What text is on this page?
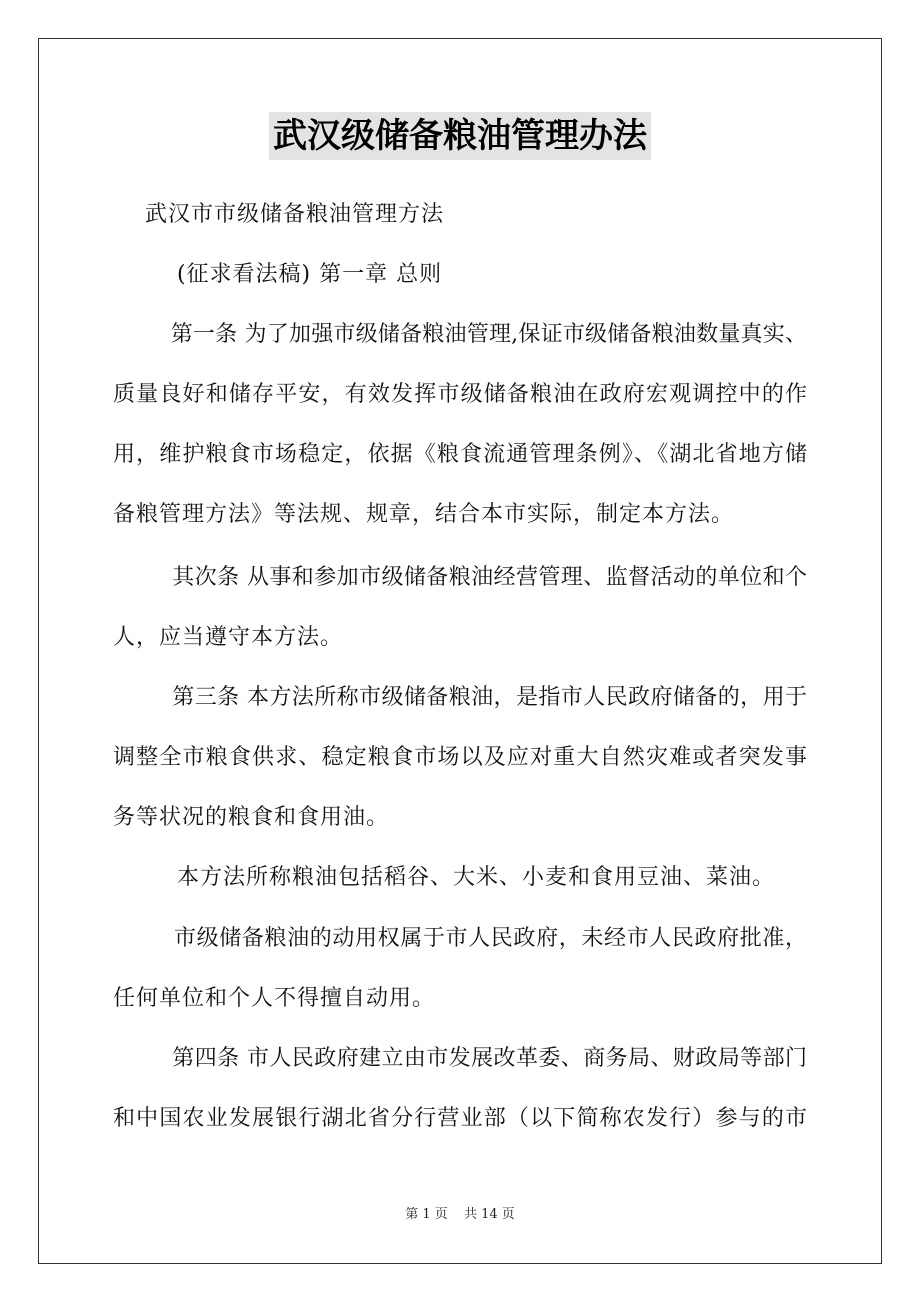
武汉级储备粮油管理办法
武汉市市级储备粮油管理方法
(征求看法稿) 第一章 总则
第一条 为了加强市级储备粮油管理,保证市级储备粮油数量真实、
质量良好和储存平安，有效发挥市级储备粮油在政府宏观调控中的作
用，维护粮食市场稳定，依据《粮食流通管理条例》、《湖北省地方储
备粮管理方法》等法规、规章，结合本市实际，制定本方法。
其次条 从事和参加市级储备粮油经营管理、监督活动的单位和个
人，应当遵守本方法。
第三条 本方法所称市级储备粮油，是指市人民政府储备的，用于
调整全市粮食供求、稳定粮食市场以及应对重大自然灾难或者突发事
务等状况的粮食和食用油。
本方法所称粮油包括稻谷、大米、小麦和食用豆油、菜油。
市级储备粮油的动用权属于市人民政府，未经市人民政府批准，
任何单位和个人不得擅自动用。
第四条 市人民政府建立由市发展改革委、商务局、财政局等部门
和中国农业发展银行湖北省分行营业部（以下简称农发行）参与的市
第 1 页 共 14 页
